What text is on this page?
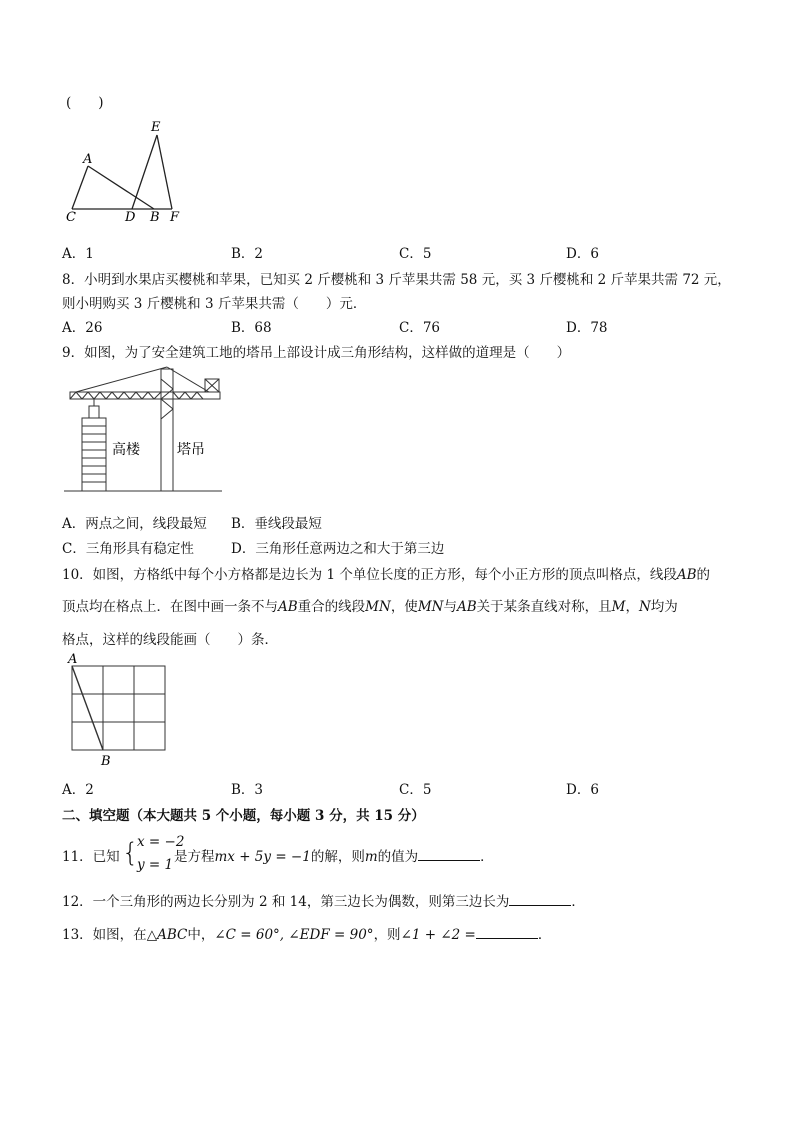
(　　)
A
C	D B
E
F
A．1	B．2	C．5	D．6
8．小明到水果店买樱桃和苹果，已知买 2 斤樱桃和 3 斤苹果共需 58 元，买 3 斤樱桃和 2 斤苹果共需 72 元，
则小明购买 3 斤樱桃和 3 斤苹果共需（　　）元．
A．26	B．68	C．76	D．78
9．如图，为了安全建筑工地的塔吊上部设计成三角形结构，这样做的道理是（　　）
高楼	塔吊
A．两点之间，线段最短 B．垂线段最短
C．三角形具有稳定性	D．三角形任意两边之和大于第三边
10．如图，方格纸中每个小方格都是边长为 1 个单位长度的正方形，每个小正方形的顶点叫格点，线段AB的
顶点均在格点上．在图中画一条不与AB重合的线段MN，使MN与AB关于某条直线对称，且M，N均为
格点，这样的线段能画（　　）条．
A
B
A．2	B．3	C．5	D．6
二、填空题（本大题共 5 个小题，每小题 3 分，共 15 分）
11．已知 {
x = −2
y = 1 是方程mx + 5y = −1的解，则m的值为	．
12．一个三角形的两边长分别为 2 和 14，第三边长为偶数，则第三边长为	．
13．如图，在△ABC中，∠C = 60°, ∠EDF = 90°，则∠1 + ∠2 =	．
